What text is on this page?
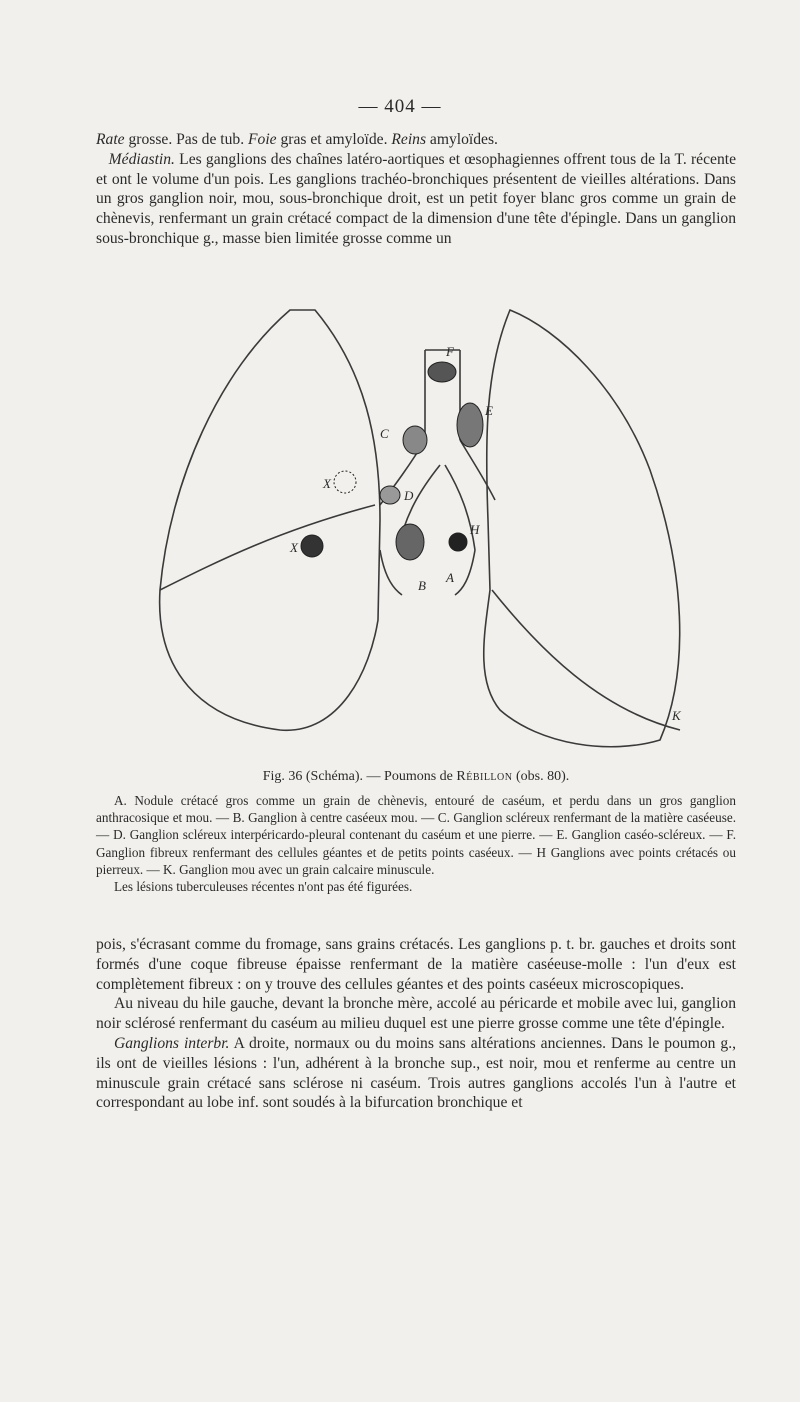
— 404 —

Rate grosse. Pas de tub. Foie gras et amyloïde. Reins amyloïdes.
Médiastin. Les ganglions des chaînes latéro-aortiques et œsophagiennes offrent tous de la T. récente et ont le volume d'un pois. Les ganglions trachéo-bronchiques présentent de vieilles altérations. Dans un gros ganglion noir, mou, sous-bronchique droit, est un petit foyer blanc gros comme un grain de chènevis, renfermant un grain crétacé compact de la dimension d'une tête d'épingle. Dans un ganglion sous-bronchique g., masse bien limitée grosse comme un

X
X
F
E
C
D
B
A
H
K
Fig. 36 (Schéma). — Poumons de Rébillon (obs. 80).

A. Nodule crétacé gros comme un grain de chènevis, entouré de caséum, et perdu dans un gros ganglion anthracosique et mou. — B. Ganglion à centre caséeux mou. — C. Ganglion scléreux renfermant de la matière caséeuse. — D. Ganglion scléreux interpéricardo-pleural contenant du caséum et une pierre. — E. Ganglion caséo-scléreux. — F. Ganglion fibreux renfermant des cellules géantes et de petits points caséeux. — H Ganglions avec points crétacés ou pierreux. — K. Ganglion mou avec un grain calcaire minuscule.

Les lésions tuberculeuses récentes n'ont pas été figurées.

pois, s'écrasant comme du fromage, sans grains crétacés. Les ganglions p. t. br. gauches et droits sont formés d'une coque fibreuse épaisse renfermant de la matière caséeuse-molle : l'un d'eux est complètement fibreux : on y trouve des cellules géantes et des points caséeux microscopiques.

Au niveau du hile gauche, devant la bronche mère, accolé au péricarde et mobile avec lui, ganglion noir sclérosé renfermant du caséum au milieu duquel est une pierre grosse comme une tête d'épingle.

Ganglions interbr. A droite, normaux ou du moins sans altérations anciennes. Dans le poumon g., ils ont de vieilles lésions : l'un, adhérent à la bronche sup., est noir, mou et renferme au centre un minuscule grain crétacé sans sclérose ni caséum. Trois autres ganglions accolés l'un à l'autre et correspondant au lobe inf. sont soudés à la bifurcation bronchique et
